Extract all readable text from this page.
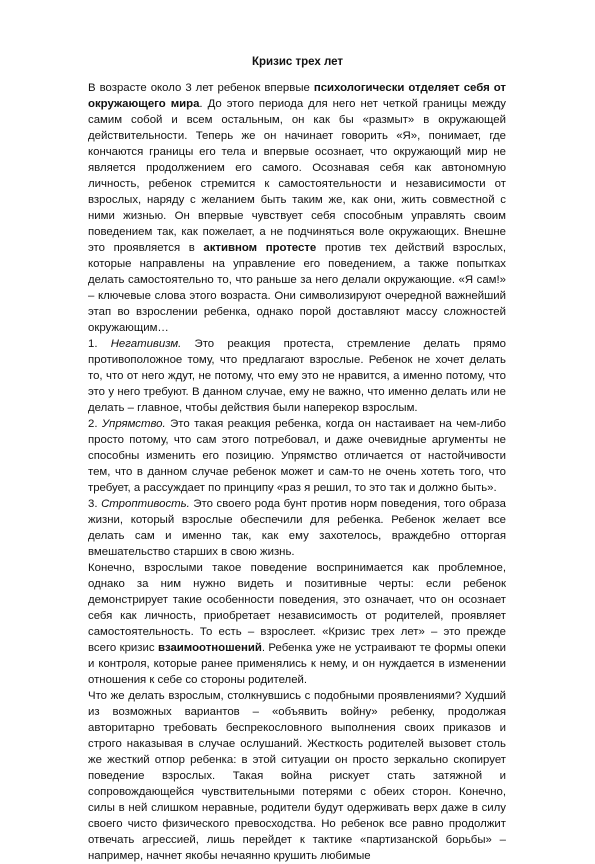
Кризис трех лет

В возрасте около 3 лет ребенок впервые психологически отделяет себя от окружающего мира. До этого периода для него нет четкой границы между самим собой и всем остальным, он как бы «размыт» в окружающей действительности. Теперь же он начинает говорить «Я», понимает, где кончаются границы его тела и впервые осознает, что окружающий мир не является продолжением его самого. Осознавая себя как автономную личность, ребенок стремится к самостоятельности и независимости от взрослых, наряду с желанием быть таким же, как они, жить совместной с ними жизнью. Он впервые чувствует себя способным управлять своим поведением так, как пожелает, а не подчиняться воле окружающих. Внешне это проявляется в активном протесте против тех действий взрослых, которые направлены на управление его поведением, а также попытках делать самостоятельно то, что раньше за него делали окружающие. «Я сам!» – ключевые слова этого возраста. Они символизируют очередной важнейший этап во взрослении ребенка, однако порой доставляют массу сложностей окружающим…

1. Негативизм. Это реакция протеста, стремление делать прямо противоположное тому, что предлагают взрослые. Ребенок не хочет делать то, что от него ждут, не потому, что ему это не нравится, а именно потому, что это у него требуют. В данном случае, ему не важно, что именно делать или не делать – главное, чтобы действия были наперекор взрослым.

2. Упрямство. Это такая реакция ребенка, когда он настаивает на чем-либо просто потому, что сам этого потребовал, и даже очевидные аргументы не способны изменить его позицию. Упрямство отличается от настойчивости тем, что в данном случае ребенок может и сам-то не очень хотеть того, что требует, а рассуждает по принципу «раз я решил, то это так и должно быть».

3. Строптивость. Это своего рода бунт против норм поведения, того образа жизни, который взрослые обеспечили для ребенка. Ребенок желает все делать сам и именно так, как ему захотелось, враждебно отторгая вмешательство старших в свою жизнь.

Конечно, взрослыми такое поведение воспринимается как проблемное, однако за ним нужно видеть и позитивные черты: если ребенок демонстрирует такие особенности поведения, это означает, что он осознает себя как личность, приобретает независимость от родителей, проявляет самостоятельность. То есть – взрослеет. «Кризис трех лет» – это прежде всего кризис взаимоотношений. Ребенка уже не устраивают те формы опеки и контроля, которые ранее применялись к нему, и он нуждается в изменении отношения к себе со стороны родителей.

Что же делать взрослым, столкнувшись с подобными проявлениями? Худший из возможных вариантов – «объявить войну» ребенку, продолжая авторитарно требовать беспрекословного выполнения своих приказов и строго наказывая в случае ослушаний. Жесткость родителей вызовет столь же жесткий отпор ребенка: в этой ситуации он просто зеркально скопирует поведение взрослых. Такая война рискует стать затяжной и сопровождающейся чувствительными потерями с обеих сторон. Конечно, силы в ней слишком неравные, родители будут одерживать верх даже в силу своего чисто физического превосходства. Но ребенок все равно продолжит отвечать агрессией, лишь перейдет к тактике «партизанской борьбы» – например, начнет якобы нечаянно крушить любимые
